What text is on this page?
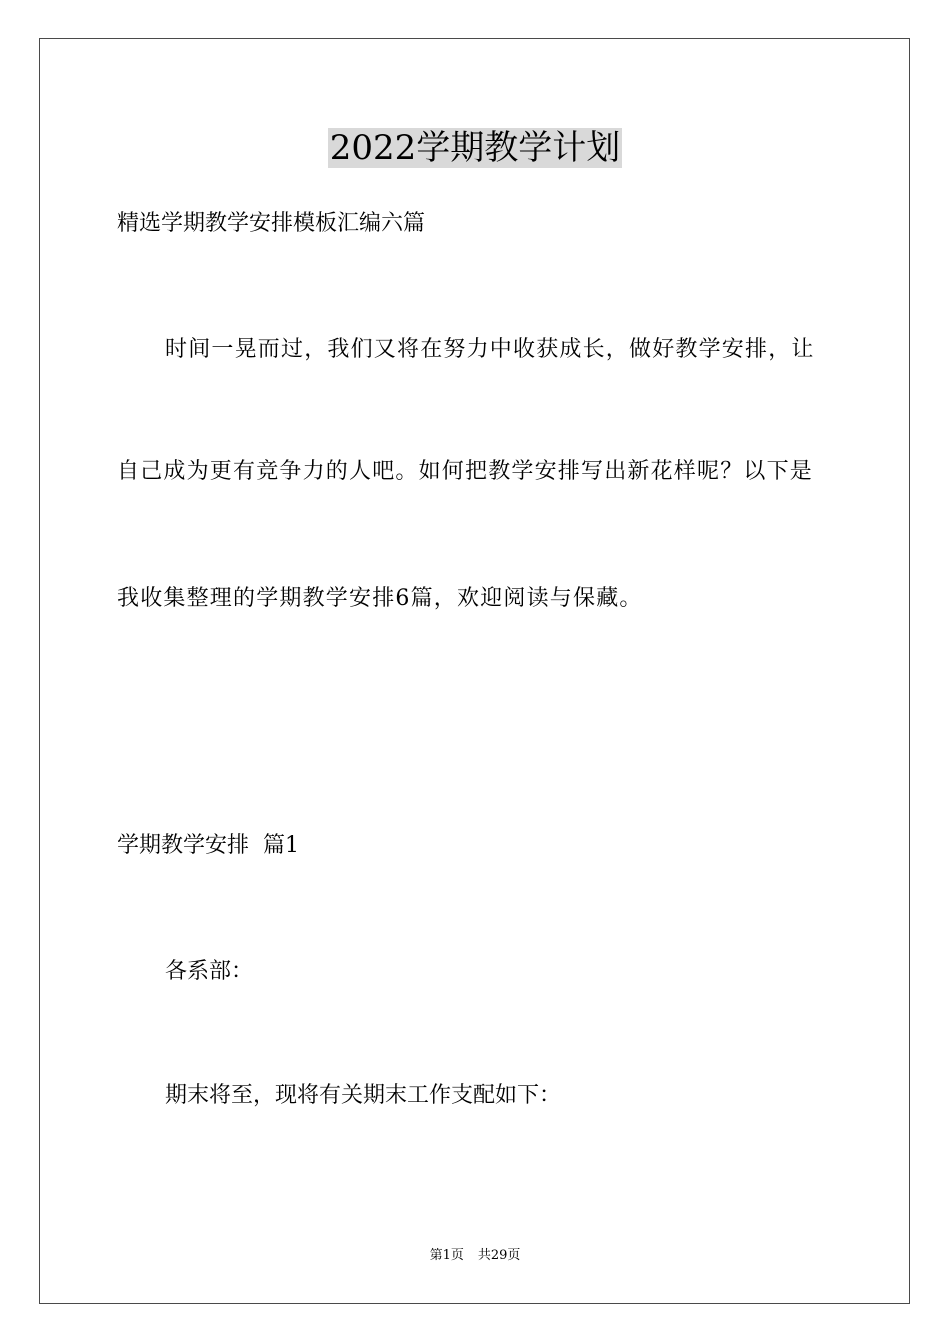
2022学期教学计划

精选学期教学安排模板汇编六篇

时间一晃而过，我们又将在努力中收获成长，做好教学安排，让

自己成为更有竞争力的人吧。如何把教学安排写出新花样呢？以下是

我收集整理的学期教学安排6篇，欢迎阅读与保藏。

学期教学安排  篇1

各系部：

期末将至，现将有关期末工作支配如下：

第1页 共29页
